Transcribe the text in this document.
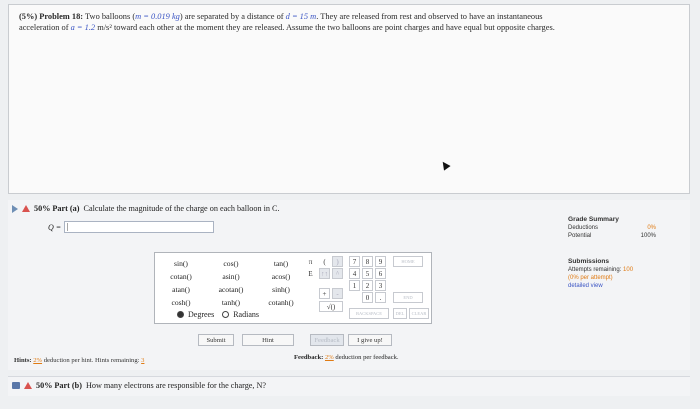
(5%) Problem 18: Two balloons (m = 0.019 kg) are separated by a distance of d = 15 m. They are released from rest and observed to have an instantaneous
acceleration of a = 1.2 m/s² toward each other at the moment they are released. Assume the two balloons are point charges and have equal but opposite charges.
50% Part (a) Calculate the magnitude of the charge on each balloon in C.
Q = |
sin()	cos()	tan()
cotan()	asin()	acos()
atan()	acotan()	sinh()
cosh()	tanh()	cotanh()
Degrees Radians
π	(	)
E	↑↑	^
+	-
√()
7	8	9
4	5	6
1	2	3
0	.
HOME
END
BACKSPACE	DEL	CLEAR
Submit	Hint	Feedback	I give up!
Hints: 2% deduction per hint. Hints remaining: 3	Feedback: 2% deduction per feedback.
Grade Summary
Deductions	0%
Potential	100%
Submissions
Attempts remaining: 100
(0% per attempt)
detailed view
50% Part (b) How many electrons are responsible for the charge, N?
